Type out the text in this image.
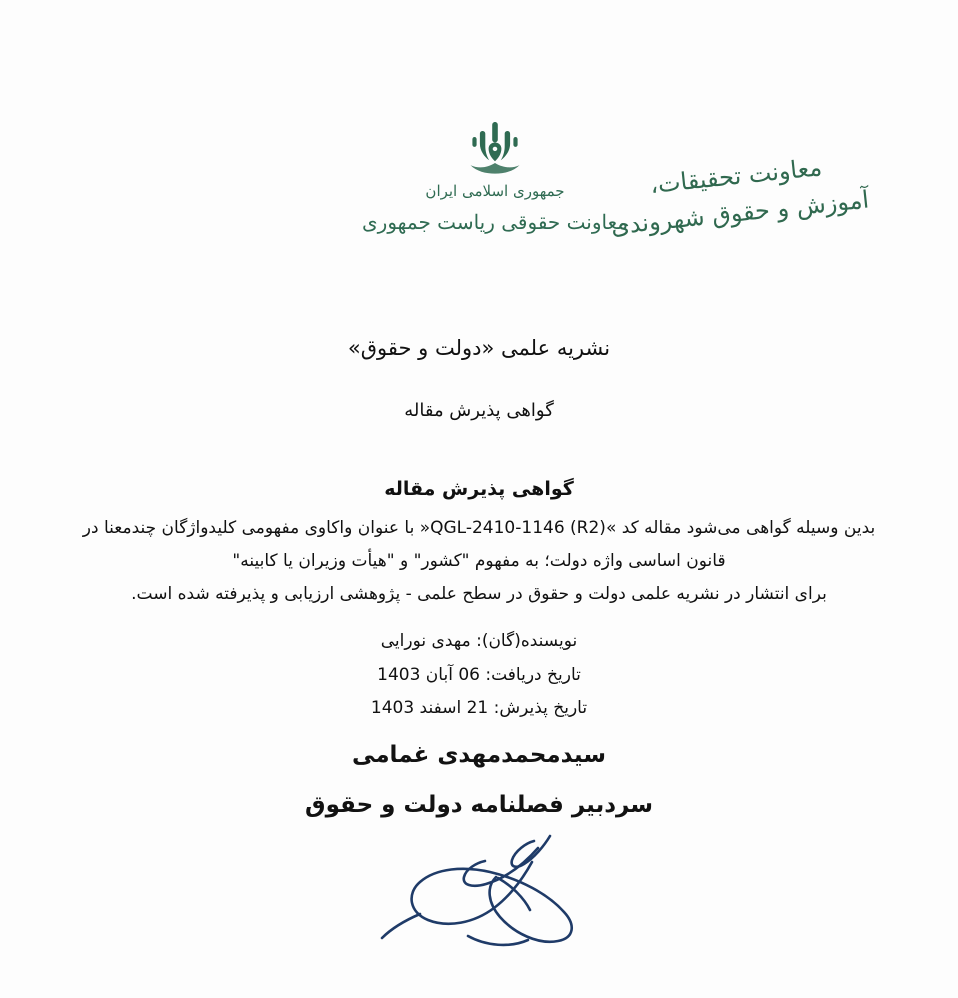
جمهوری اسلامی ایران
معاونت حقوقی ریاست جمهوری
معاونت تحقیقات،
آموزش و حقوق شهروندی
نشریه علمی «دولت و حقوق»
گواهی پذیرش مقاله
گواهی پذیرش مقاله

بدین وسیله گواهی می‌شود مقاله کد »QGL-2410-1146 (R2)« با عنوان واکاوی مفهومی کلیدواژگان چندمعنا در
قانون اساسی واژه دولت؛ به مفهوم "کشور" و "هیأت وزیران یا کابینه"
برای انتشار در نشریه علمی دولت و حقوق در سطح علمی - پژوهشی ارزیابی و پذیرفته شده است.

نویسنده(گان): مهدی نورایی
تاریخ دریافت: 06 آبان 1403
تاریخ پذیرش: 21 اسفند 1403
سیدمحمدمهدی غمامی
سردبیر فصلنامه دولت و حقوق
